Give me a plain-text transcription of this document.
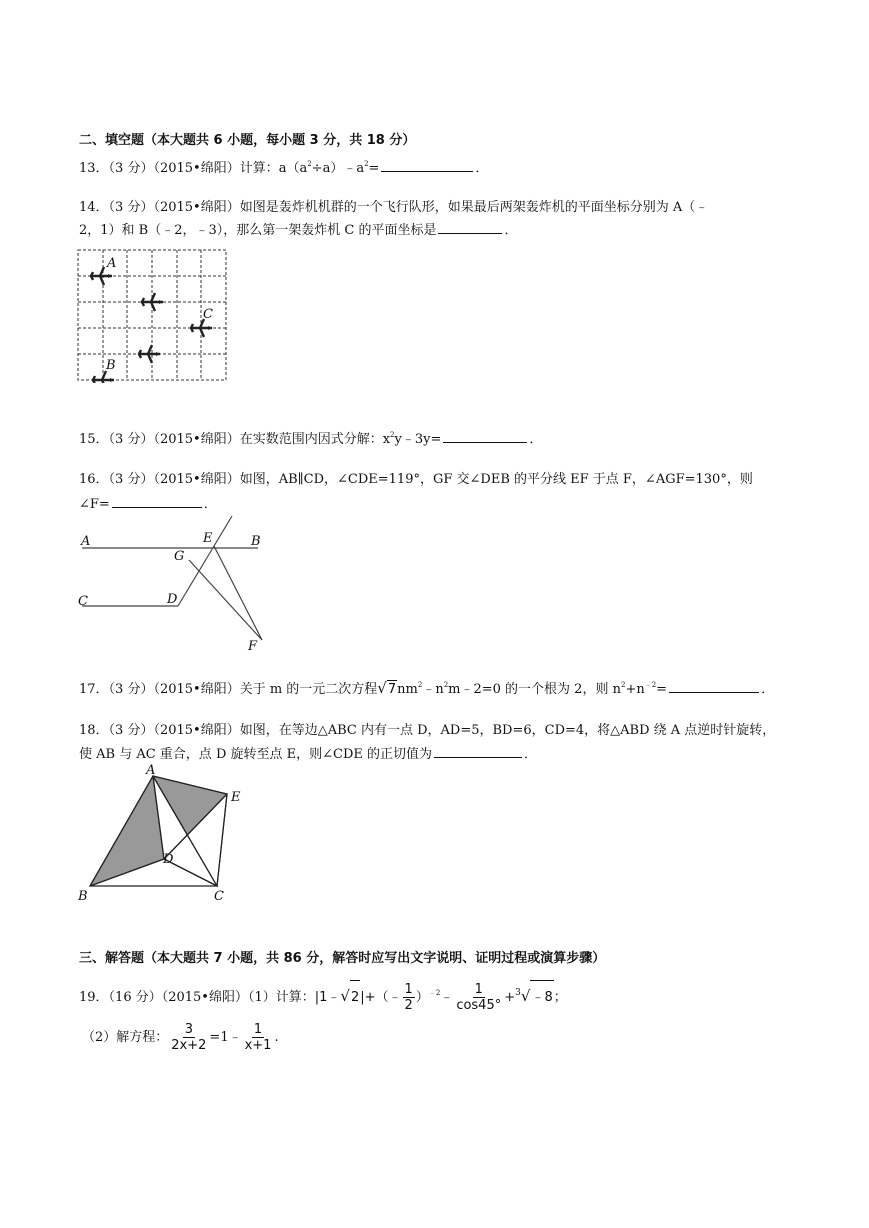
二、填空题（本大题共 6 小题，每小题 3 分，共 18 分）
13．（3 分）（2015•绵阳）计算：$a(a^2\div a)﹣a^2=$	．
14．（3 分）（2015•绵阳）如图是轰炸机机群的一个飞行队形，如果最后两架轰炸机的平面坐标分别为 A（﹣
2，1）和 B（﹣2，﹣3），那么第一架轰炸机 C 的平面坐标是	．
A
C
B
15．（3 分）（2015•绵阳）在实数范围内因式分解：$x^2y﹣3y=$	．
16．（3 分）（2015•绵阳）如图，AB∥CD，∠CDE=119°，GF 交∠DEB 的平分线 EF 于点 F，∠AGF=130°，则
∠F=	．
A	B
E
G
C	D
F
17．（3 分）（2015•绵阳）关于 m 的一元二次方程$√7nm^2﹣n^2m﹣2=0$ 的一个根为 2，则 $n^2+n^{﹣2}=$	．
18．（3 分）（2015•绵阳）如图，在等边△ABC 内有一点 D，AD=5，BD=6，CD=4，将△ABD 绕 A 点逆时针旋转，
使 AB 与 AC 重合，点 D 旋转至点 E，则∠CDE 的正切值为	．
A
E
D
B	C
三、解答题（本大题共 7 小题，共 86 分，解答时应写出文字说明、证明过程或演算步骤）
19．（16 分）（2015•绵阳）（1）计算：|1﹣√2|+（﹣ $\frac{1}{2}$ ）$^{﹣2}$﹣ $\frac{1}{\cos 45^\circ}$ +$^3$√﹣8；
（2）解方程： $\frac{3}{2x+2}$ =1﹣ $\frac{1}{x+1}$ .
